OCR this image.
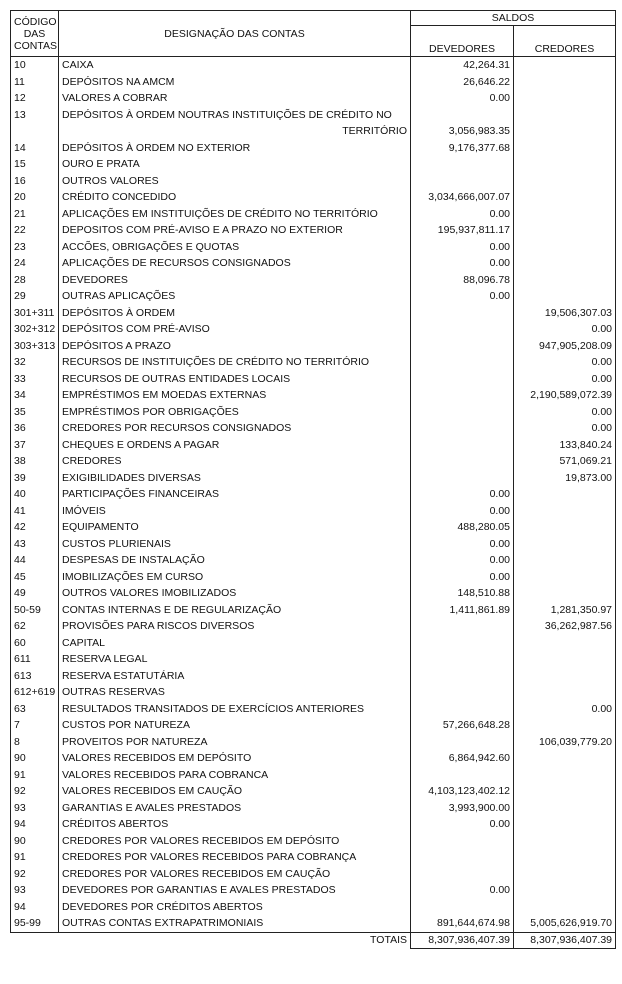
CÓDIGO
DAS
CONTAS	DESIGNAÇÃO DAS CONTAS	SALDOS	
		DEVEDORES	CREDORES
10	CAIXA	42,264.31	
11	DEPÓSITOS NA AMCM	26,646.22	
12	VALORES A COBRAR	0.00	
13	DEPÓSITOS À ORDEM NOUTRAS INSTITUIÇÕES DE CRÉDITO NO		
	TERRITÓRIO	3,056,983.35	
14	DEPÓSITOS À ORDEM NO EXTERIOR	9,176,377.68	
15	OURO E PRATA		
16	OUTROS VALORES		
20	CRÉDITO CONCEDIDO	3,034,666,007.07	
21	APLICAÇÕES EM INSTITUIÇÕES DE CRÉDITO NO TERRITÓRIO	0.00	
22	DEPOSITOS COM PRÉ-AVISO E A PRAZO NO EXTERIOR	195,937,811.17	
23	ACCÕES, OBRIGAÇÕES E QUOTAS	0.00	
24	APLICAÇÕES DE RECURSOS CONSIGNADOS	0.00	
28	DEVEDORES	88,096.78	
29	OUTRAS APLICAÇÕES	0.00	
301+311	DEPÓSITOS À ORDEM		19,506,307.03
302+312	DEPÓSITOS COM PRÉ-AVISO		0.00
303+313	DEPÓSITOS A PRAZO		947,905,208.09
32	RECURSOS DE INSTITUIÇÕES DE CRÉDITO NO TERRITÓRIO		0.00
33	RECURSOS DE OUTRAS ENTIDADES LOCAIS		0.00
34	EMPRÉSTIMOS EM MOEDAS EXTERNAS		2,190,589,072.39
35	EMPRÉSTIMOS POR OBRIGAÇÕES		0.00
36	CREDORES POR RECURSOS CONSIGNADOS		0.00
37	CHEQUES E ORDENS A PAGAR		133,840.24
38	CREDORES		571,069.21
39	EXIGIBILIDADES DIVERSAS		19,873.00
40	PARTICIPAÇÕES FINANCEIRAS	0.00	
41	IMÓVEIS	0.00	
42	EQUIPAMENTO	488,280.05	
43	CUSTOS PLURIENAIS	0.00	
44	DESPESAS DE INSTALAÇÃO	0.00	
45	IMOBILIZAÇÕES EM CURSO	0.00	
49	OUTROS VALORES IMOBILIZADOS	148,510.88	
50-59	CONTAS INTERNAS E DE REGULARIZAÇÃO	1,411,861.89	1,281,350.97
62	PROVISÕES PARA RISCOS DIVERSOS		36,262,987.56
60	CAPITAL		
611	RESERVA LEGAL		
613	RESERVA ESTATUTÁRIA		
612+619	OUTRAS RESERVAS		
63	RESULTADOS TRANSITADOS DE EXERCÍCIOS ANTERIORES		0.00
7	CUSTOS POR NATUREZA	57,266,648.28	
8	PROVEITOS POR NATUREZA		106,039,779.20
90	VALORES RECEBIDOS EM DEPÓSITO	6,864,942.60	
91	VALORES RECEBIDOS PARA COBRANCA		
92	VALORES RECEBIDOS EM CAUÇÃO	4,103,123,402.12	
93	GARANTIAS E AVALES PRESTADOS	3,993,900.00	
94	CRÉDITOS ABERTOS	0.00	
90	CREDORES POR VALORES RECEBIDOS EM DEPÓSITO		
91	CREDORES POR VALORES RECEBIDOS PARA COBRANÇA		
92	CREDORES POR VALORES RECEBIDOS EM CAUÇÃO		
93	DEVEDORES POR GARANTIAS E AVALES PRESTADOS	0.00	
94	DEVEDORES POR CRÉDITOS ABERTOS		
95-99	OUTRAS CONTAS EXTRAPATRIMONIAIS	891,644,674.98	5,005,626,919.70
TOTAIS		8,307,936,407.39	8,307,936,407.39
